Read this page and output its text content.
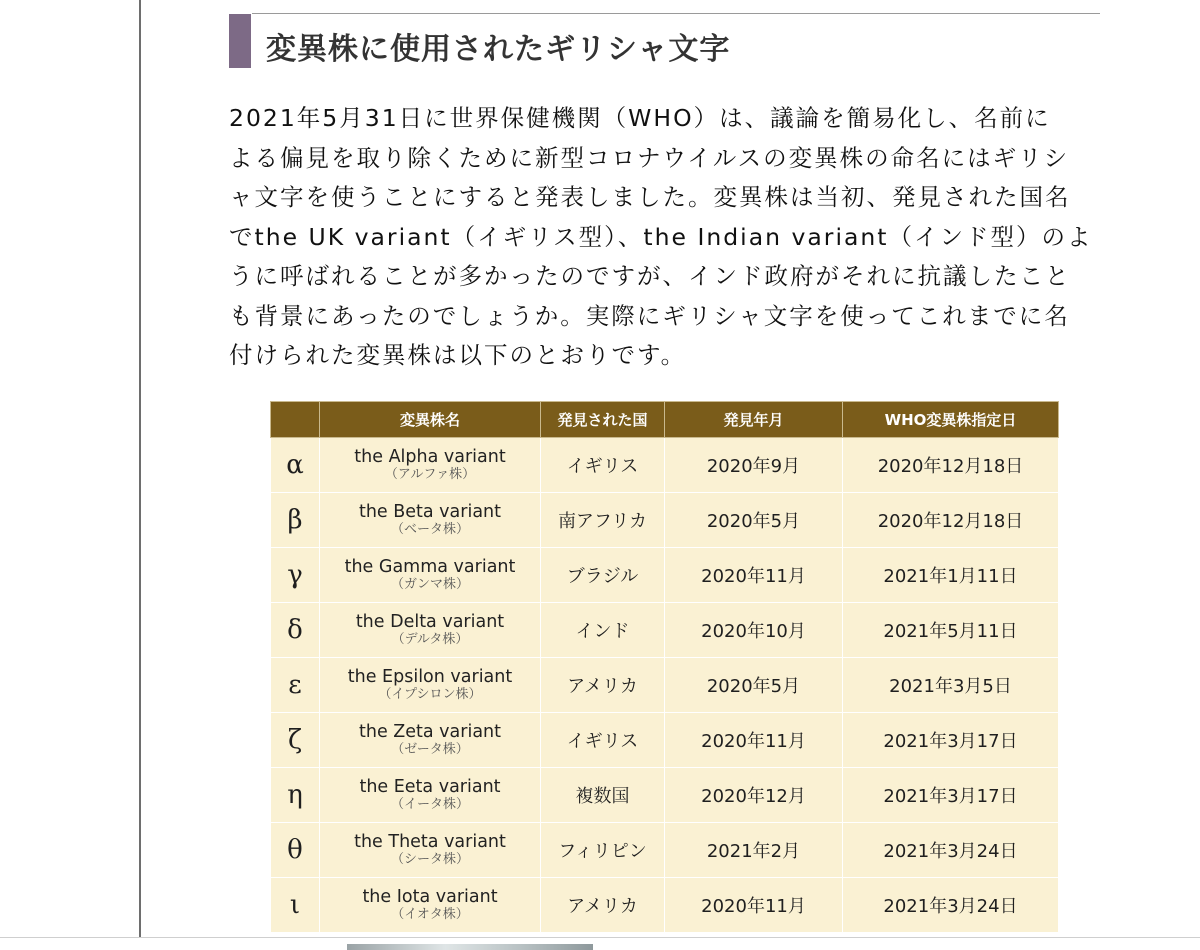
変異株に使用されたギリシャ文字
2021年5月31日に世界保健機関（WHO）は、議論を簡易化し、名前に
よる偏見を取り除くために新型コロナウイルスの変異株の命名にはギリシ
ャ文字を使うことにすると発表しました。変異株は当初、発見された国名
でthe UK variant（イギリス型）、the Indian variant（インド型）のよ
うに呼ばれることが多かったのですが、インド政府がそれに抗議したこと
も背景にあったのでしょうか。実際にギリシャ文字を使ってこれまでに名
付けられた変異株は以下のとおりです。
	変異株名	発見された国	発見年月	WHO変異株指定日
α	the Alpha variant
（アルファ株）	イギリス	2020年9月	2020年12月18日
β	the Beta variant
（ベータ株）	南アフリカ	2020年5月	2020年12月18日
γ	the Gamma variant
（ガンマ株）	ブラジル	2020年11月	2021年1月11日
δ	the Delta variant
（デルタ株）	インド	2020年10月	2021年5月11日
ε	the Epsilon variant
（イプシロン株）	アメリカ	2020年5月	2021年3月5日
ζ	the Zeta variant
（ゼータ株）	イギリス	2020年11月	2021年3月17日
η	the Eeta variant
（イータ株）	複数国	2020年12月	2021年3月17日
θ	the Theta variant
（シータ株）	フィリピン	2021年2月	2021年3月24日
ι	the Iota variant
（イオタ株）	アメリカ	2020年11月	2021年3月24日
